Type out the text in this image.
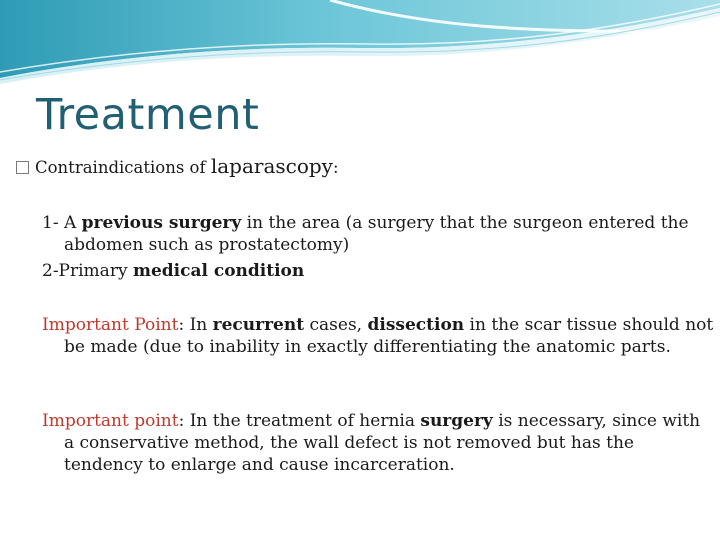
Treatment
Contraindications of laparascopy:
1- A previous surgery in the area (a surgery that the surgeon entered the abdomen such as prostatectomy)
2-Primary medical condition
Important Point: In recurrent cases, dissection in the scar tissue should not be made (due to inability in exactly differentiating the anatomic parts.
Important point: In the treatment of hernia surgery is necessary, since with a conservative method, the wall defect is not removed but has the tendency to enlarge and cause incarceration.
